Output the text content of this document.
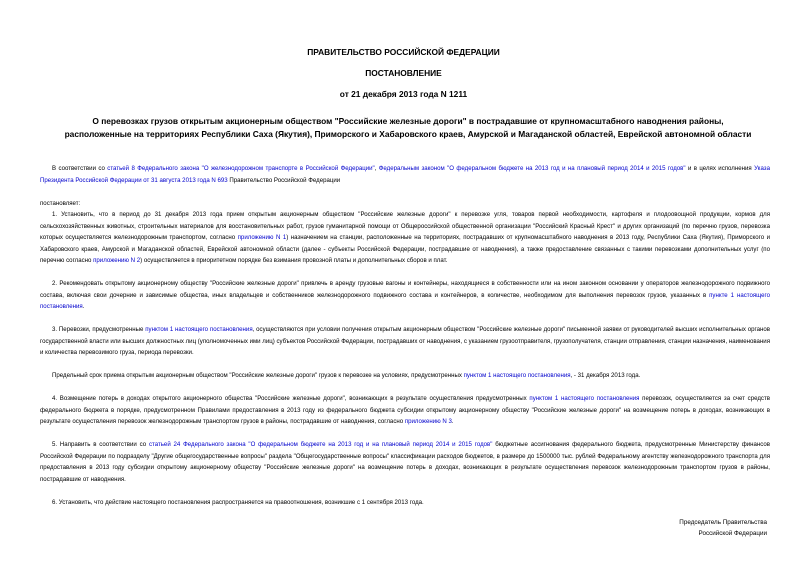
ПРАВИТЕЛЬСТВО РОССИЙСКОЙ ФЕДЕРАЦИИ

ПОСТАНОВЛЕНИЕ

от 21 декабря 2013 года N 1211

О перевозках грузов открытым акционерным обществом "Российские железные дороги" в пострадавшие от крупномасштабного наводнения районы, расположенные на территориях Республики Саха (Якутия), Приморского и Хабаровского краев, Амурской и Магаданской областей, Еврейской автономной области

В соответствии со статьей 8 Федерального закона "О железнодорожном транспорте в Российской Федерации", Федеральным законом "О федеральном бюджете на 2013 год и на плановый период 2014 и 2015 годов" и в целях исполнения Указа Президента Российской Федерации от 31 августа 2013 года N 693 Правительство Российской Федерации

постановляет:

1. Установить, что в период до 31 декабря 2013 года прием открытым акционерным обществом "Российские железные дороги" к перевозке угля, товаров первой необходимости, картофеля и плодоовощной продукции, кормов для сельскохозяйственных животных, строительных материалов для восстановительных работ, грузов гуманитарной помощи от Общероссийской общественной организации "Российский Красный Крест" и других организаций (по перечню грузов, перевозка которых осуществляется железнодорожным транспортом, согласно приложению N 1) назначением на станции, расположенные на территориях, пострадавших от крупномасштабного наводнения в 2013 году, Республики Саха (Якутия), Приморского и Хабаровского краев, Амурской и Магаданской областей, Еврейской автономной области (далее - субъекты Российской Федерации, пострадавшие от наводнения), а также предоставление связанных с такими перевозками дополнительных услуг (по перечню согласно приложению N 2) осуществляется в приоритетном порядке без взимания провозной платы и дополнительных сборов и плат.

2. Рекомендовать открытому акционерному обществу "Российские железные дороги" привлечь в аренду грузовые вагоны и контейнеры, находящиеся в собственности или на ином законном основании у операторов железнодорожного подвижного состава, включая свои дочерние и зависимые общества, иных владельцев и собственников железнодорожного подвижного состава и контейнеров, в количестве, необходимом для выполнения перевозок грузов, указанных в пункте 1 настоящего постановления.

3. Перевозки, предусмотренные пунктом 1 настоящего постановления, осуществляются при условии получения открытым акционерным обществом "Российские железные дороги" письменной заявки от руководителей высших исполнительных органов государственной власти или высших должностных лиц (уполномоченных ими лиц) субъектов Российской Федерации, пострадавших от наводнения, с указанием грузоотправителя, грузополучателя, станции отправления, станции назначения, наименования и количества перевозимого груза, периода перевозки.

Предельный срок приема открытым акционерным обществом "Российские железные дороги" грузов к перевозке на условиях, предусмотренных пунктом 1 настоящего постановления, - 31 декабря 2013 года.

4. Возмещение потерь в доходах открытого акционерного общества "Российские железные дороги", возникающих в результате осуществления предусмотренных пунктом 1 настоящего постановления перевозок, осуществляется за счет средств федерального бюджета в порядке, предусмотренном Правилами предоставления в 2013 году из федерального бюджета субсидии открытому акционерному обществу "Российские железные дороги" на возмещение потерь в доходах, возникающих в результате осуществления перевозок железнодорожным транспортом грузов в районы, пострадавшие от наводнения, согласно приложению N 3.

5. Направить в соответствии со статьей 24 Федерального закона "О федеральном бюджете на 2013 год и на плановый период 2014 и 2015 годов" бюджетные ассигнования федерального бюджета, предусмотренные Министерству финансов Российской Федерации по подразделу "Другие общегосударственные вопросы" раздела "Общегосударственные вопросы" классификации расходов бюджетов, в размере до 1500000 тыс. рублей Федеральному агентству железнодорожного транспорта для предоставления в 2013 году субсидии открытому акционерному обществу "Российские железные дороги" на возмещение потерь в доходах, возникающих в результате осуществления перевозок железнодорожным транспортом грузов в районы, пострадавшие от наводнения.

6. Установить, что действие настоящего постановления распространяется на правоотношения, возникшие с 1 сентября 2013 года.

Председатель Правительства
Российской Федерации
